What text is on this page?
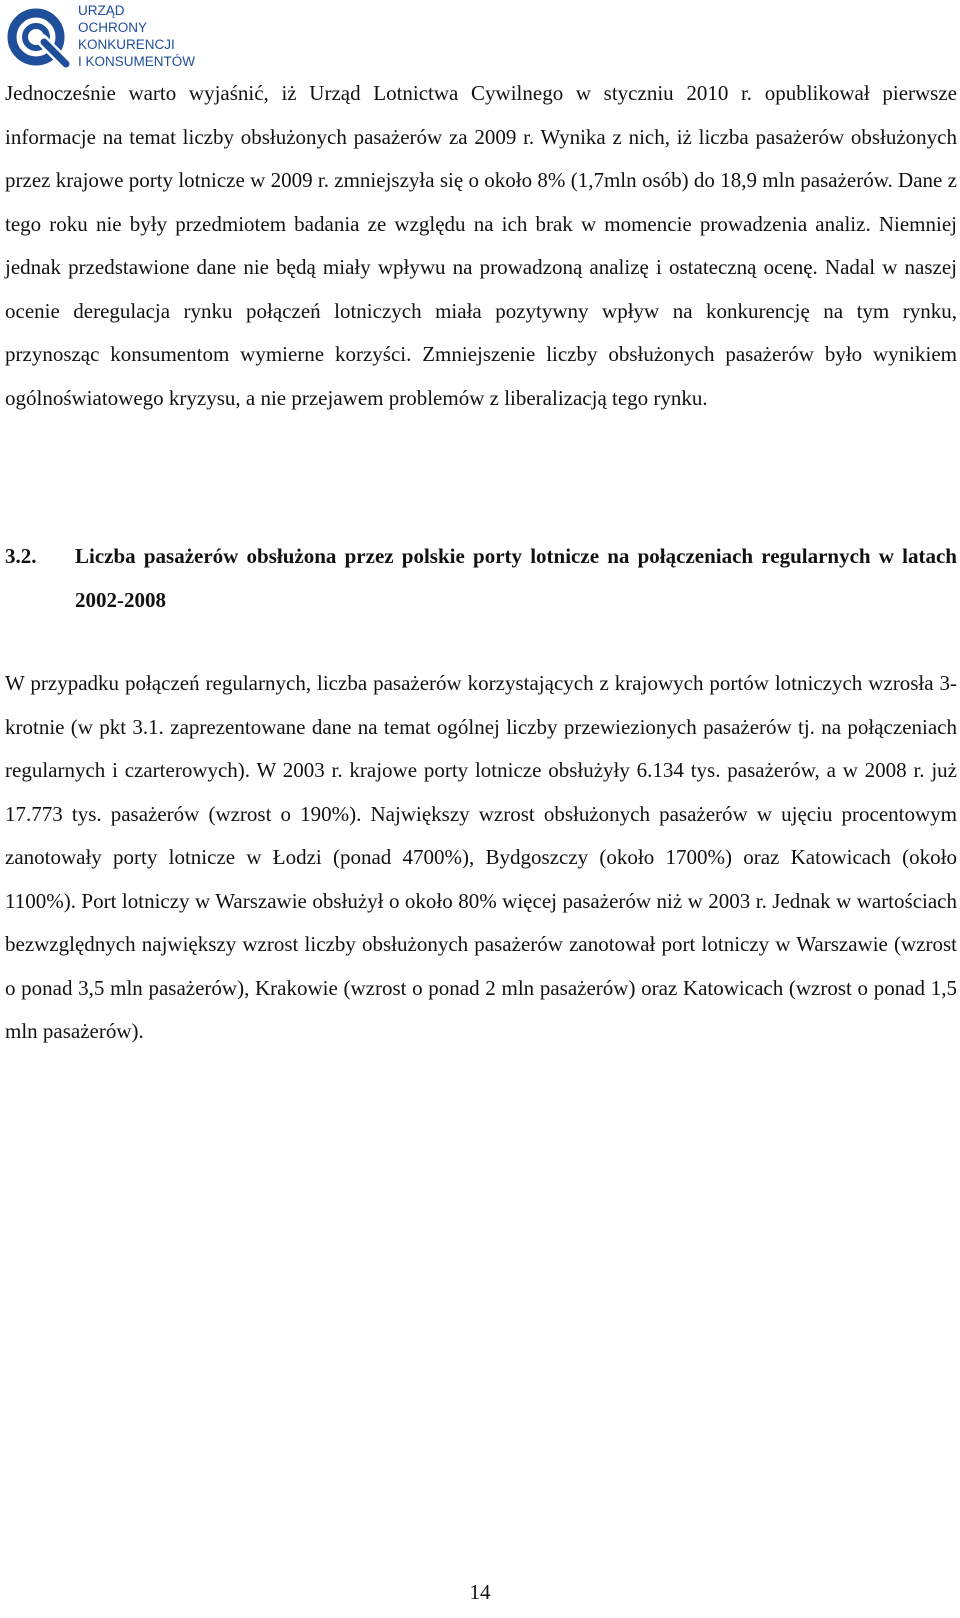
URZĄD
OCHRONY
KONKURENCJI
I KONSUMENTÓW

Jednocześnie warto wyjaśnić, iż Urząd Lotnictwa Cywilnego w styczniu 2010 r. opublikował pierwsze informacje na temat liczby obsłużonych pasażerów za 2009 r. Wynika z nich, iż liczba pasażerów obsłużonych przez krajowe porty lotnicze w 2009 r. zmniejszyła się o około 8% (1,7mln osób) do 18,9 mln pasażerów. Dane z tego roku nie były przedmiotem badania ze względu na ich brak w momencie prowadzenia analiz. Niemniej jednak przedstawione dane nie będą miały wpływu na prowadzoną analizę i ostateczną ocenę. Nadal w naszej ocenie deregulacja rynku połączeń lotniczych miała pozytywny wpływ na konkurencję na tym rynku, przynosząc konsumentom wymierne korzyści. Zmniejszenie liczby obsłużonych pasażerów było wynikiem ogólnoświatowego kryzysu, a nie przejawem problemów z liberalizacją tego rynku.

3.2. Liczba pasażerów obsłużona przez polskie porty lotnicze na połączeniach regularnych w latach 2002-2008

W przypadku połączeń regularnych, liczba pasażerów korzystających z krajowych portów lotniczych wzrosła 3-krotnie (w pkt 3.1. zaprezentowane dane na temat ogólnej liczby przewiezionych pasażerów tj. na połączeniach regularnych i czarterowych). W 2003 r. krajowe porty lotnicze obsłużyły 6.134 tys. pasażerów, a w 2008 r. już 17.773 tys. pasażerów (wzrost o 190%). Największy wzrost obsłużonych pasażerów w ujęciu procentowym zanotowały porty lotnicze w Łodzi (ponad 4700%), Bydgoszczy (około 1700%) oraz Katowicach (około 1100%). Port lotniczy w Warszawie obsłużył o około 80% więcej pasażerów niż w 2003 r. Jednak w wartościach bezwzględnych największy wzrost liczby obsłużonych pasażerów zanotował port lotniczy w Warszawie (wzrost o ponad 3,5 mln pasażerów), Krakowie (wzrost o ponad 2 mln pasażerów) oraz Katowicach (wzrost o ponad 1,5 mln pasażerów).

14
